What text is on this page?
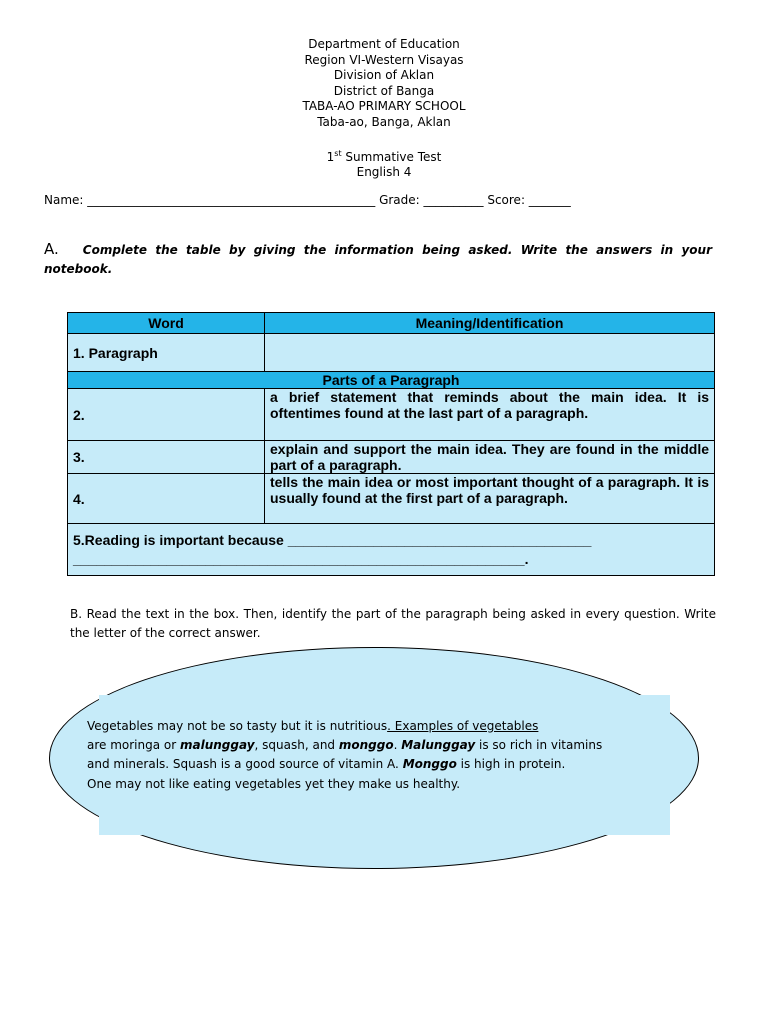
Department of Education
Region VI-Western Visayas
Division of Aklan
District of Banga
TABA-AO PRIMARY SCHOOL
Taba-ao, Banga, Aklan
1st Summative Test
English 4
Name: ________________________________________________ Grade: __________ Score: _______
A. Complete the table by giving the information being asked. Write the answers in your notebook.
Word	Meaning/Identification
1. Paragraph	
Parts of a Paragraph	
2.	a brief statement that reminds about the main idea. It is oftentimes found at the last part of a paragraph.
3.	explain and support the main idea. They are found in the middle part of a paragraph.
4.	tells the main idea or most important thought of a paragraph. It is usually found at the first part of a paragraph.

5.Reading is important because _______________________________________
__________________________________________________________.	
B. Read the text in the box. Then, identify the part of the paragraph being asked in every question. Write the letter of the correct answer.
Vegetables may not be so tasty but it is nutritious. Examples of vegetables
are moringa or malunggay, squash, and monggo. Malunggay is so rich in vitamins
and minerals. Squash is a good source of vitamin A. Monggo is high in protein.
One may not like eating vegetables yet they make us healthy.
